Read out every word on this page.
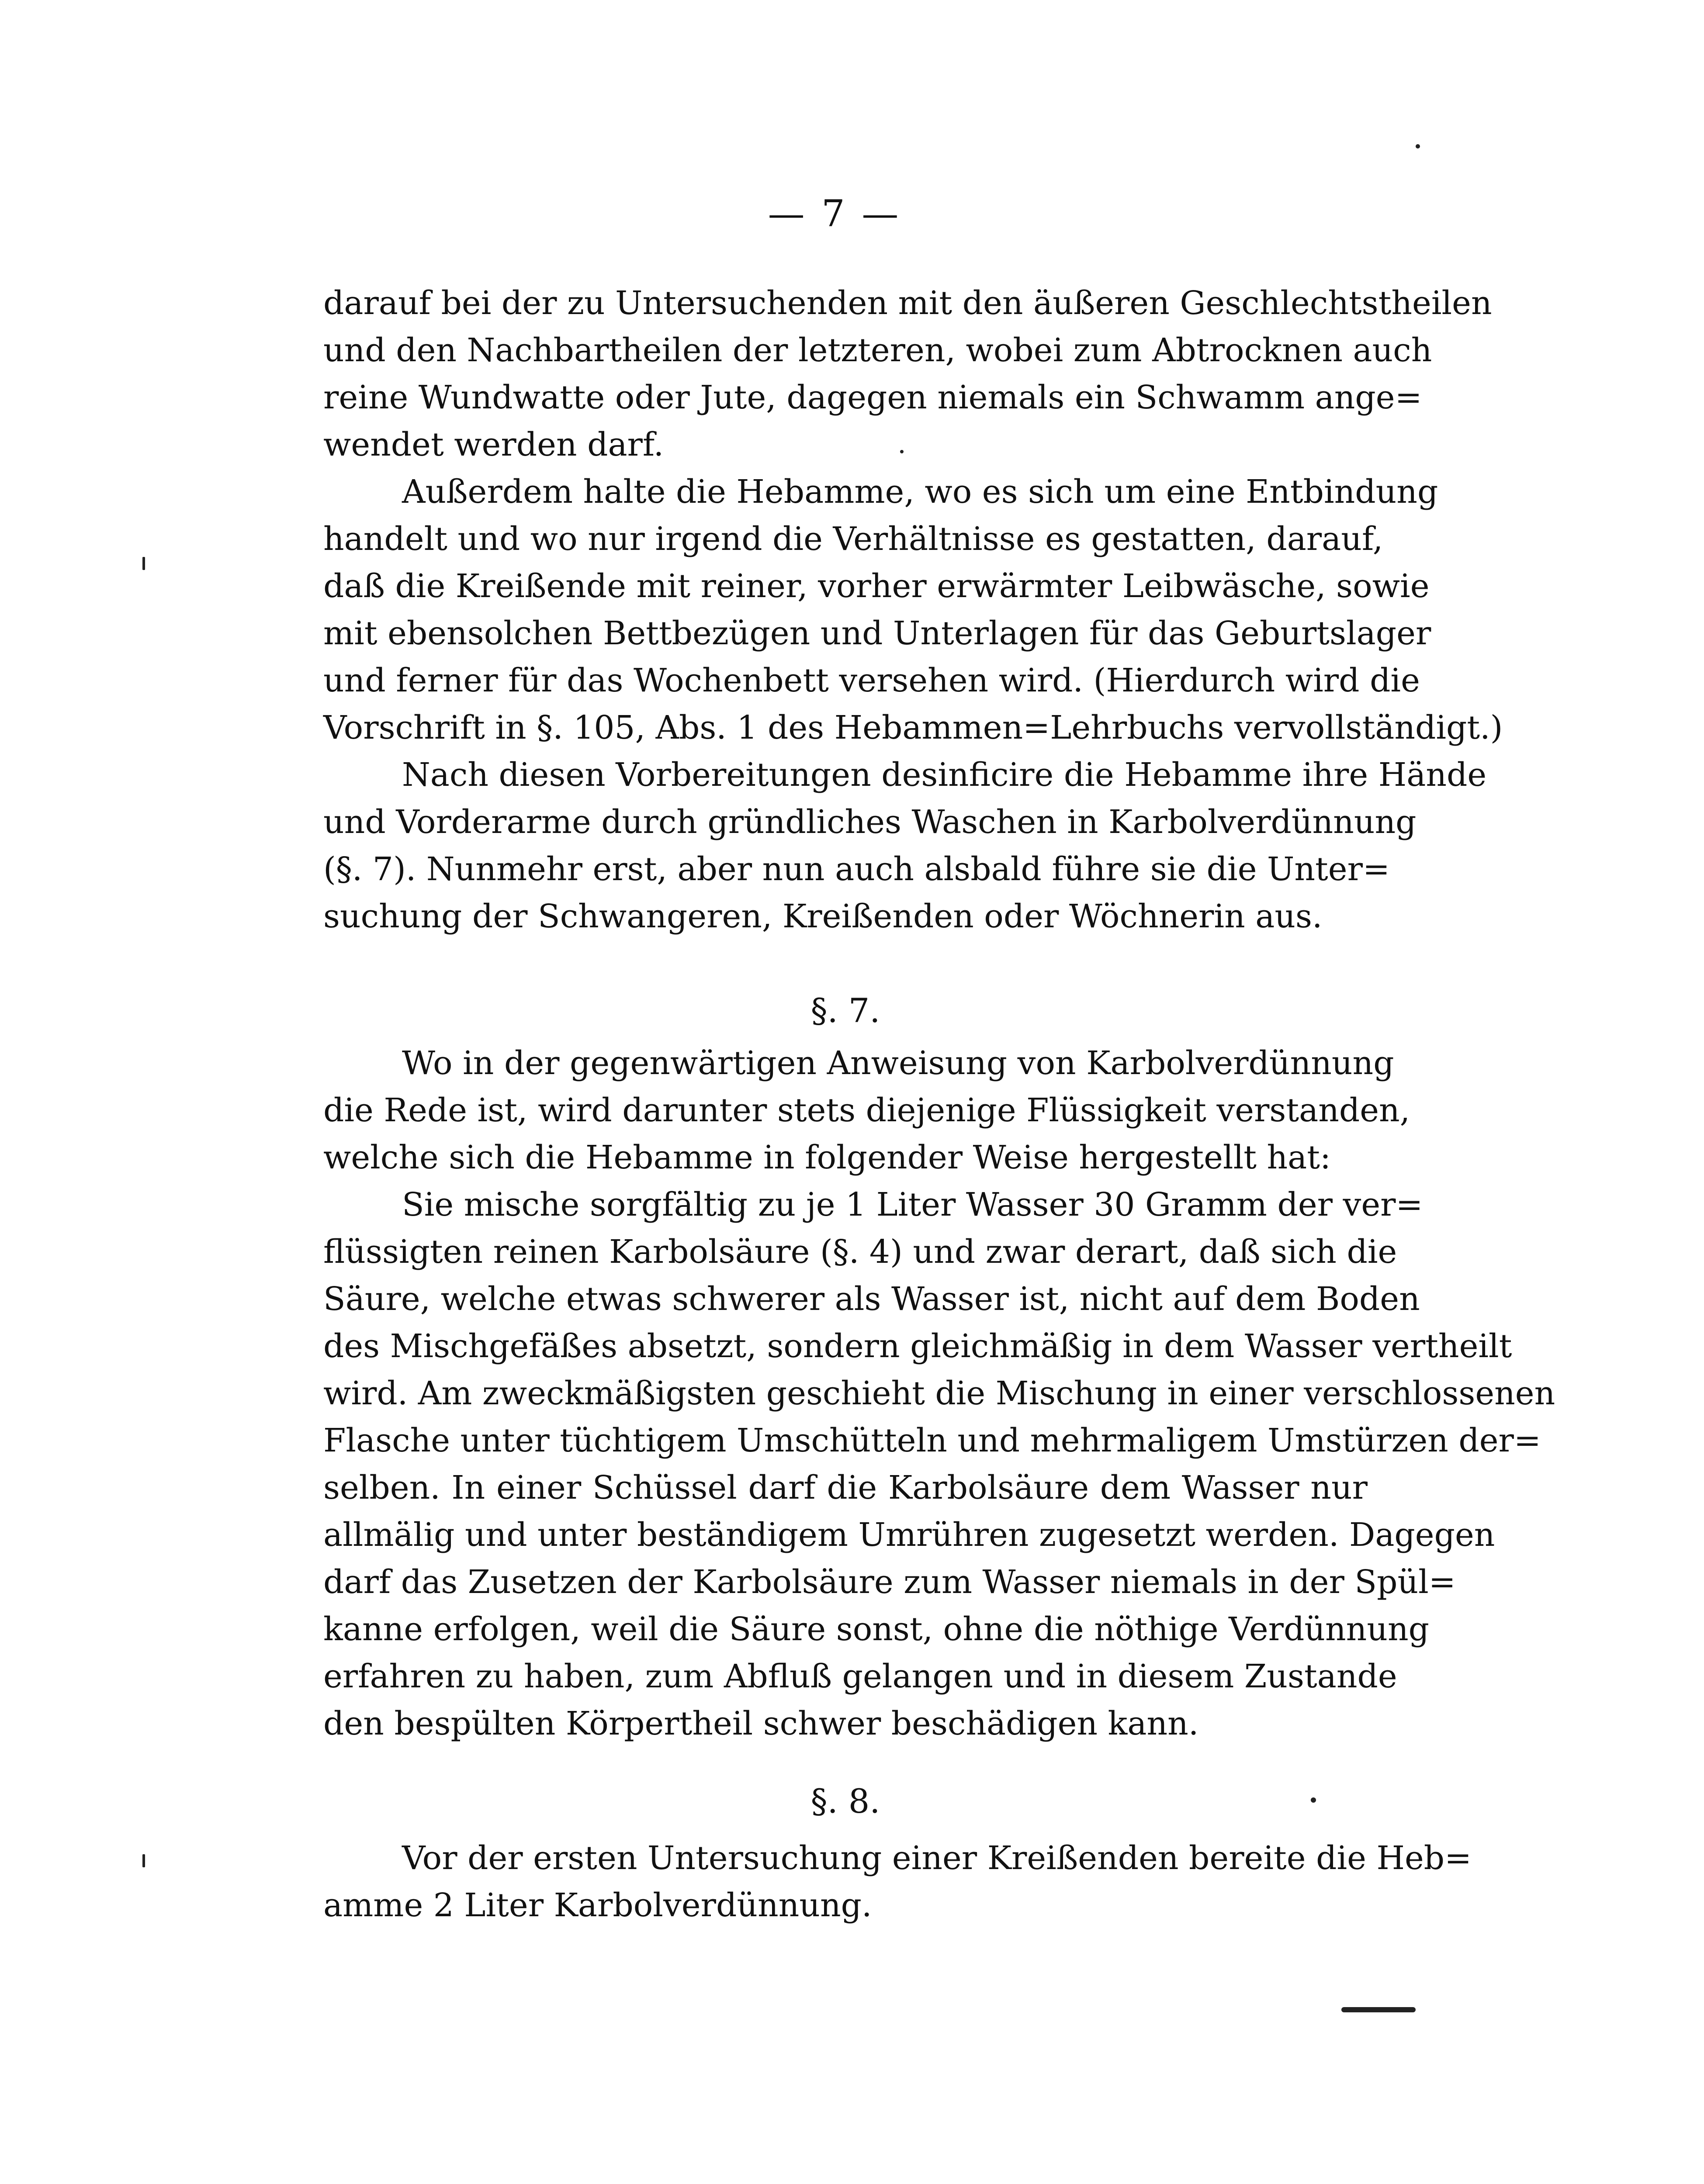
— 7 —
darauf bei der zu Untersuchenden mit den äußeren Geschlechtstheilen
und den Nachbartheilen der letzteren, wobei zum Abtrocknen auch
reine Wundwatte oder Jute, dagegen niemals ein Schwamm ange=
wendet werden darf.
Außerdem halte die Hebamme, wo es sich um eine Entbindung
handelt und wo nur irgend die Verhältnisse es gestatten, darauf,
daß die Kreißende mit reiner, vorher erwärmter Leibwäsche, sowie
mit ebensolchen Bettbezügen und Unterlagen für das Geburtslager
und ferner für das Wochenbett versehen wird. (Hierdurch wird die
Vorschrift in §. 105, Abs. 1 des Hebammen=Lehrbuchs vervollständigt.)
Nach diesen Vorbereitungen desinficire die Hebamme ihre Hände
und Vorderarme durch gründliches Waschen in Karbolverdünnung
(§. 7). Nunmehr erst, aber nun auch alsbald führe sie die Unter=
suchung der Schwangeren, Kreißenden oder Wöchnerin aus.
§. 7.
Wo in der gegenwärtigen Anweisung von Karbolverdünnung
die Rede ist, wird darunter stets diejenige Flüssigkeit verstanden,
welche sich die Hebamme in folgender Weise hergestellt hat:
Sie mische sorgfältig zu je 1 Liter Wasser 30 Gramm der ver=
flüssigten reinen Karbolsäure (§. 4) und zwar derart, daß sich die
Säure, welche etwas schwerer als Wasser ist, nicht auf dem Boden
des Mischgefäßes absetzt, sondern gleichmäßig in dem Wasser vertheilt
wird. Am zweckmäßigsten geschieht die Mischung in einer verschlossenen
Flasche unter tüchtigem Umschütteln und mehrmaligem Umstürzen der=
selben. In einer Schüssel darf die Karbolsäure dem Wasser nur
allmälig und unter beständigem Umrühren zugesetzt werden. Dagegen
darf das Zusetzen der Karbolsäure zum Wasser niemals in der Spül=
kanne erfolgen, weil die Säure sonst, ohne die nöthige Verdünnung
erfahren zu haben, zum Abfluß gelangen und in diesem Zustande
den bespülten Körpertheil schwer beschädigen kann.
§. 8.
Vor der ersten Untersuchung einer Kreißenden bereite die Heb=
amme 2 Liter Karbolverdünnung.
